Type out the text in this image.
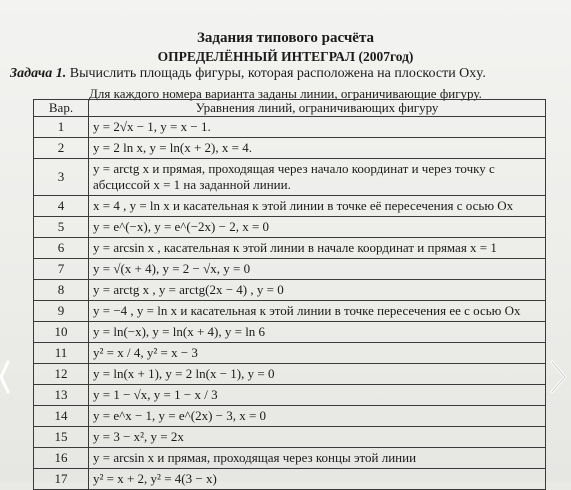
Задания типового расчёта
ОПРЕДЕЛЁННЫЙ ИНТЕГРАЛ (2007год)
Задача 1. Вычислить площадь фигуры, которая расположена на плоскости Oxy.
Для каждого номера варианта заданы линии, ограничивающие фигуру.
Вар.	Уравнения линий, ограничивающих фигуру
1	y = 2√x − 1, y = x − 1.
2	y = 2 ln x, y = ln(x + 2), x = 4.
3	y = arctg x и прямая, проходящая через начало координат и через точку с абсциссой x = 1 на заданной линии.
4	x = 4 , y = ln x и касательная к этой линии в точке её пересечения с осью Ox
5	y = e^(−x), y = e^(−2x) − 2, x = 0
6	y = arcsin x , касательная к этой линии в начале координат и прямая x = 1
7	y = √(x + 4), y = 2 − √x, y = 0
8	y = arctg x , y = arctg(2x − 4) , y = 0
9	y = −4 , y = ln x и касательная к этой линии в точке пересечения ее с осью Ox
10	y = ln(−x), y = ln(x + 4), y = ln 6
11	y² = x / 4, y² = x − 3
12	y = ln(x + 1), y = 2 ln(x − 1), y = 0
13	y = 1 − √x, y = 1 − x / 3
14	y = e^x − 1, y = e^(2x) − 3, x = 0
15	y = 3 − x², y = 2x
16	y = arcsin x и прямая, проходящая через концы этой линии
17	y² = x + 2, y² = 4(3 − x)
